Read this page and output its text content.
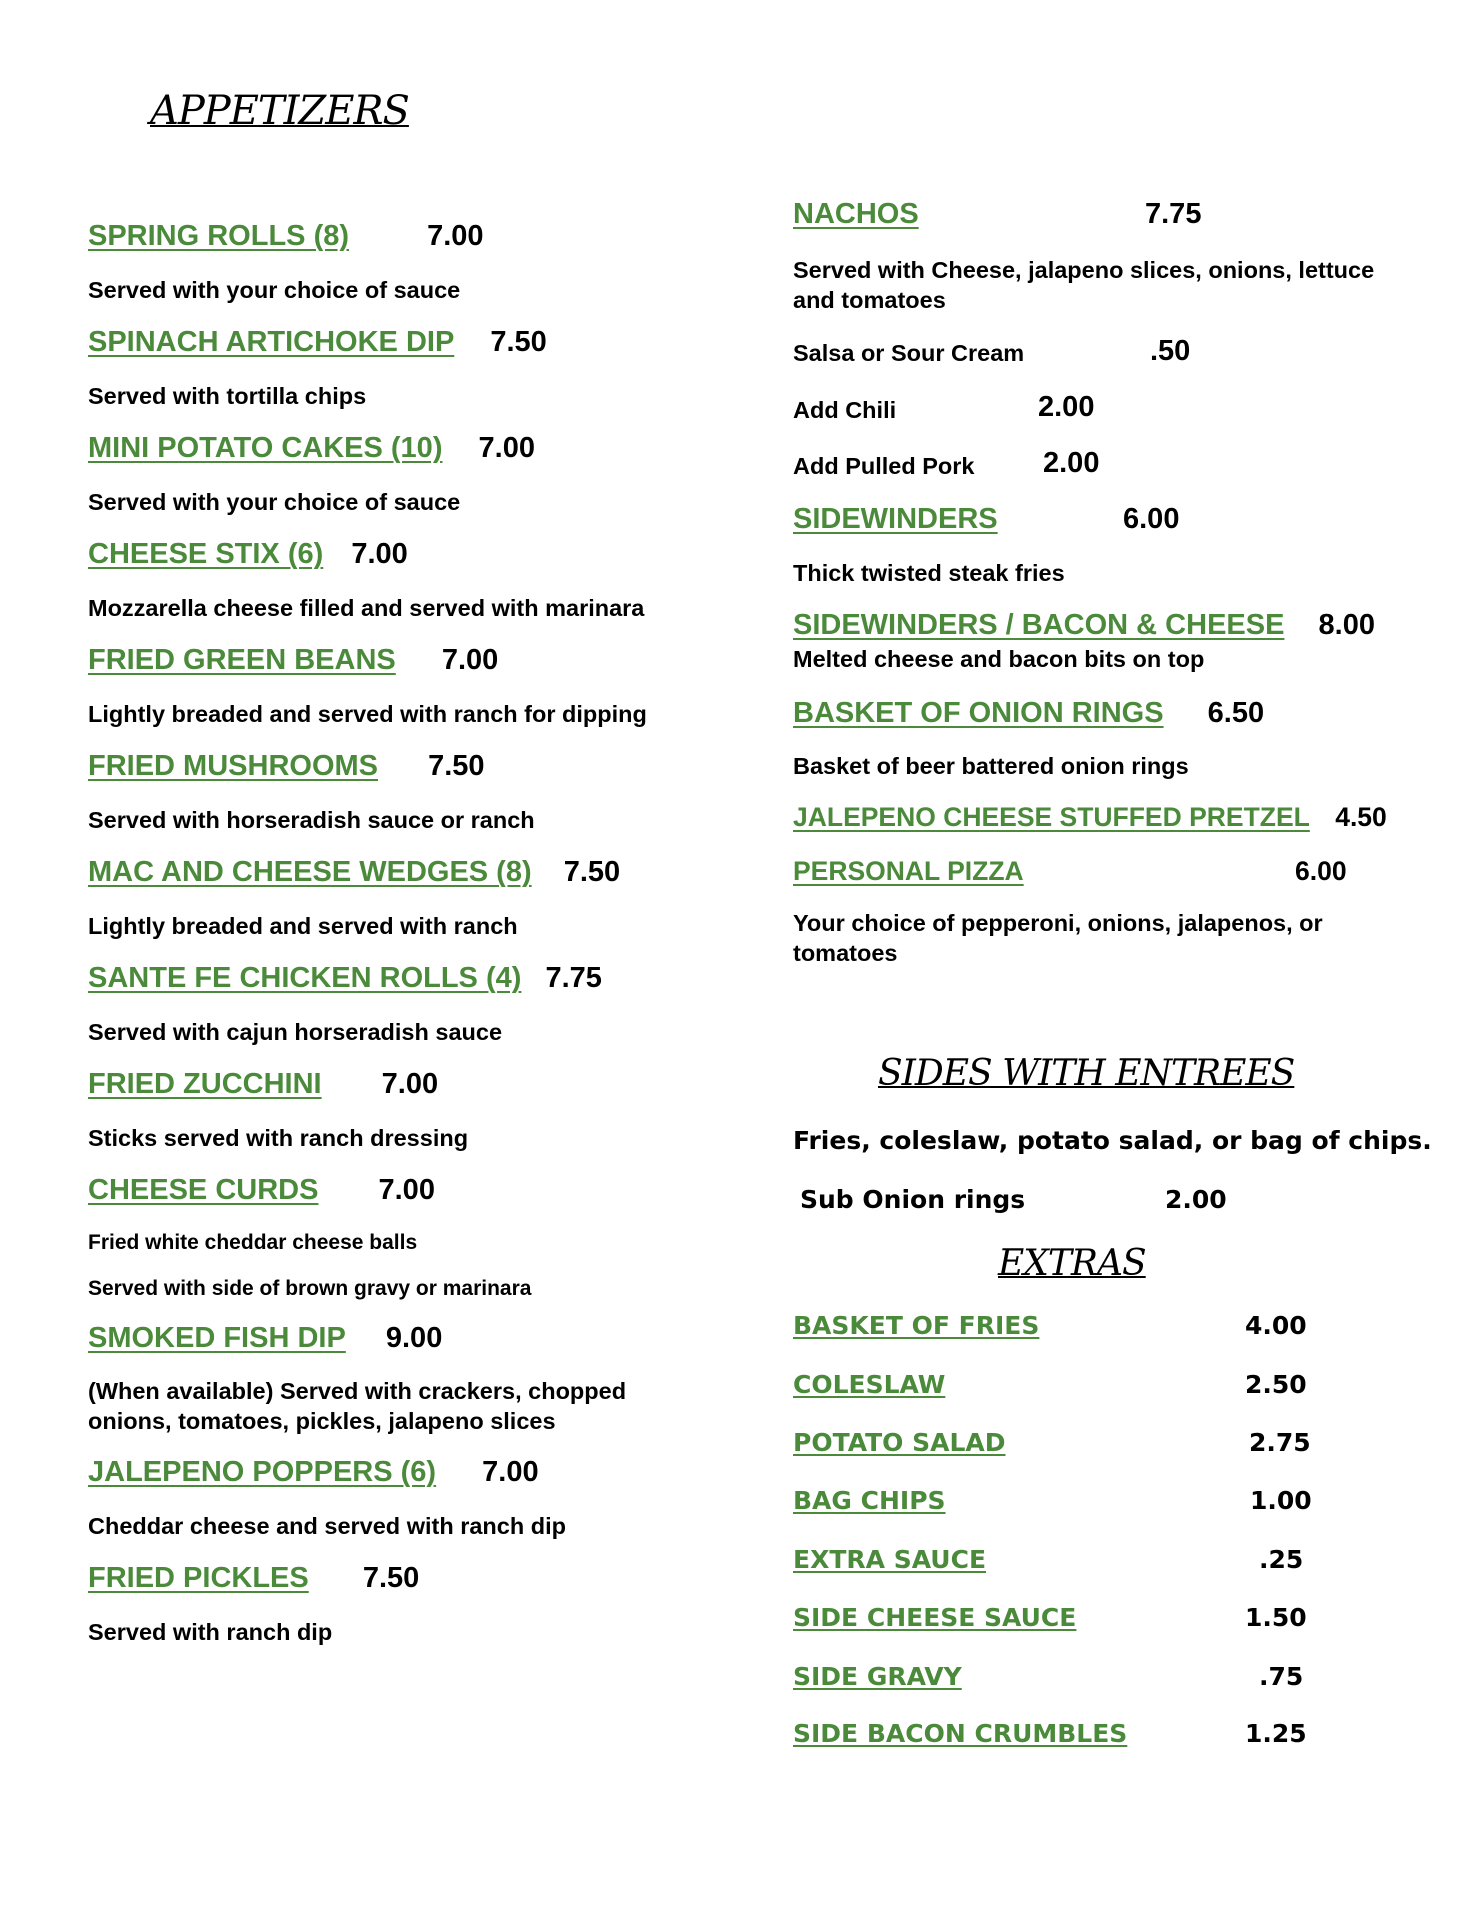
APPETIZERS
SPRING ROLLS (8)	7.00
Served with your choice of sauce
SPINACH ARTICHOKE DIP 7.50
Served with tortilla chips
MINI POTATO CAKES (10) 7.00
Served with your choice of sauce
CHEESE STIX (6) 7.00
Mozzarella cheese filled and served with marinara
FRIED GREEN BEANS 7.00
Lightly breaded and served with ranch for dipping
FRIED MUSHROOMS 7.50
Served with horseradish sauce or ranch
MAC AND CHEESE WEDGES (8) 7.50
Lightly breaded and served with ranch
SANTE FE CHICKEN ROLLS (4) 7.75
Served with cajun horseradish sauce
FRIED ZUCCHINI 7.00
Sticks served with ranch dressing
CHEESE CURDS 7.00
Fried white cheddar cheese balls
Served with side of brown gravy or marinara
SMOKED FISH DIP 9.00
(When available) Served with crackers, chopped onions, tomatoes, pickles, jalapeno slices
JALEPENO POPPERS (6) 7.00
Cheddar cheese and served with ranch dip
FRIED PICKLES 7.50
Served with ranch dip
NACHOS	7.75
Served with Cheese, jalapeno slices, onions, lettuce and tomatoes
Salsa or Sour Cream	.50
Add Chili	2.00
Add Pulled Pork 2.00
SIDEWINDERS	6.00
Thick twisted steak fries
SIDEWINDERS / BACON & CHEESE 8.00
Melted cheese and bacon bits on top
BASKET OF ONION RINGS 6.50
Basket of beer battered onion rings
JALEPENO CHEESE STUFFED PRETZEL 4.50
PERSONAL PIZZA	6.00
Your choice of pepperoni, onions, jalapenos, or tomatoes
SIDES WITH ENTREES
Fries, coleslaw, potato salad, or bag of chips.
Sub Onion rings	2.00
EXTRAS
BASKET OF FRIES	4.00
COLESLAW	2.50
POTATO SALAD	2.75
BAG CHIPS	1.00
EXTRA SAUCE	.25
SIDE CHEESE SAUCE	1.50
SIDE GRAVY	.75
SIDE BACON CRUMBLES	1.25
